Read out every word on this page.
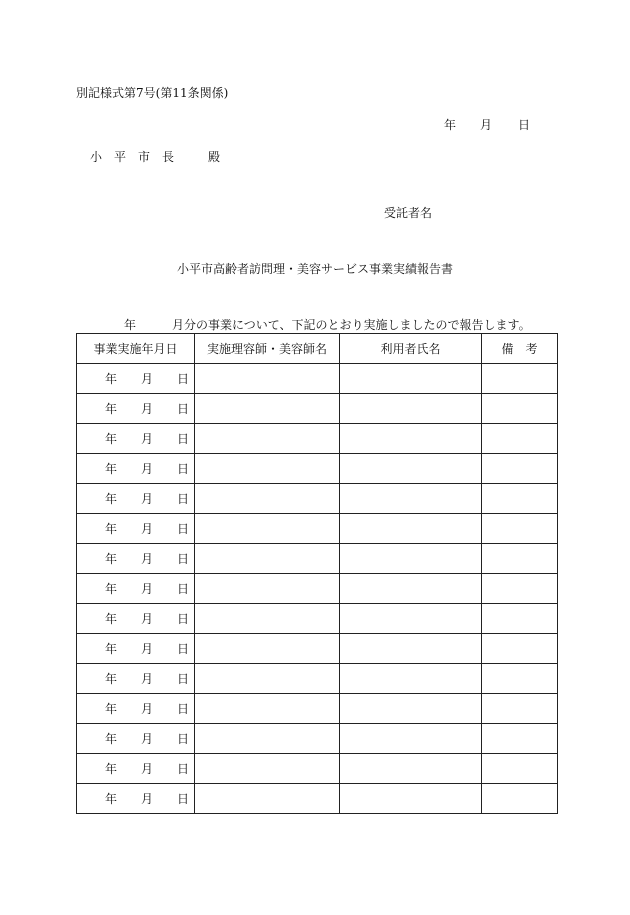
別記様式第7号(第11条関係)
年 月 日
小　平　市　長	殿
受託者名
小平市高齢者訪問理・美容サービス事業実績報告書
年	月分の事業について、下記のとおり実施しましたので報告します。
事業実施年月日	実施理容師・美容師名	利用者氏名	備　考
年 月 日			
年 月 日			
年 月 日			
年 月 日			
年 月 日			
年 月 日			
年 月 日			
年 月 日			
年 月 日			
年 月 日			
年 月 日			
年 月 日			
年 月 日			
年 月 日			
年 月 日			
